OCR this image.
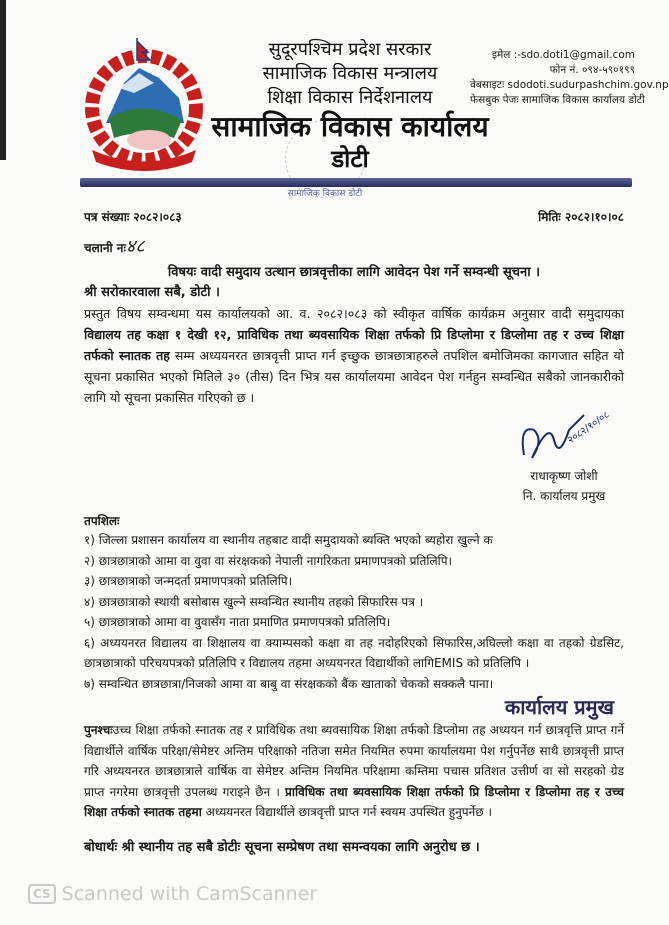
सुदूरपश्चिम प्रदेश सरकार
सामाजिक विकास मन्त्रालय
शिक्षा विकास निर्देशनालय
सामाजिक विकास कार्यालय
डोटी
इमेल :-sdo.doti1@gmail.com
फोन नं. ०९४-५९०१९९
वेबसाइटः sdodoti.sudurpashchim.gov.np
फेसबुक पेजः सामाजिक विकास कार्यालय डोटी
सामाजिक विकास डोटी
पत्र संख्याः २०८२।०८३	मितिः २०८२।१०।०८
चलानी नः४८
विषयः वादी समुदाय उत्थान छात्रवृत्तीका लागि आवेदन पेश गर्ने सम्वन्धी सूचना ।
श्री सरोकारवाला सबै, डोटी ।
प्रस्तुत विषय सम्वन्धमा यस कार्यालयको आ. व. २०८२।०८३ को स्वीकृत वार्षिक कार्यक्रम अनुसार वादी समुदायका विद्यालय तह कक्षा १ देखी १२, प्राविधिक तथा ब्यवसायिक शिक्षा तर्फको प्रि डिप्लोमा र डिप्लोमा तह र उच्च शिक्षा तर्फको स्नातक तह सम्म अध्ययनरत छात्रवृत्ती प्राप्त गर्न इच्छुक छात्रछात्राहरुले तपशिल बमोजिमका कागजात सहित यो सूचना प्रकासित भएको मितिले ३० (तीस) दिन भित्र यस कार्यालयमा आवेदन पेश गर्नहुन सम्वन्धित सबैको जानकारीको लागि यो सूचना प्रकासित गरिएको छ ।
२०८२/१०/०८
राधाकृष्ण जोशी
नि. कार्यालय प्रमुख
तपशिलः
१) जिल्ला प्रशासन कार्यालय वा स्थानीय तहबाट वादी समुदायको ब्यक्ति भएको ब्यहोरा खुल्ने क
२) छात्रछात्राको आमा वा वुवा वा संरक्षकको नेपाली नागरिकता प्रमाणपत्रको प्रतिलिपि।
३) छात्रछात्राको जन्मदर्ता प्रमाणपत्रको प्रतिलिपि।
४) छात्रछात्राको स्थायी बसोबास खुल्ने सम्वन्धित स्थानीय तहको सिफारिस पत्र ।
५) छात्रछात्राको आमा वा वुवासँग नाता प्रमाणित प्रमाणपत्रको प्रतिलिपि।
६) अध्ययनरत विद्यालय वा शिक्षालय वा क्याम्पसको कक्षा वा तह नदोहरिएको सिफारिस,अघिल्लो कक्षा वा तहको ग्रेडसिट, छात्रछात्राको परिचयपत्रको प्रतिलिपि र विद्यालय तहमा अध्ययनरत विद्यार्थीको लागिEMIS को प्रतिलिपि ।
७) सम्वन्धित छात्रछात्रा/निजको आमा वा बाबु वा संरक्षकको बैंक खाताको चेकको सक्कलै पाना।
कार्यालय प्रमुख
पुनश्चःउच्च शिक्षा तर्फको स्नातक तह र प्राविधिक तथा ब्यवसायिक शिक्षा तर्फको डिप्लोमा तह अध्ययन गर्न छात्रवृत्ति प्राप्त गर्ने विद्यार्थीले वार्षिक परिक्षा/सेमेष्टर अन्तिम परिक्षाको नतिजा समेत नियमित रुपमा कार्यालयमा पेश गर्नुपर्नेछ साथै छात्रवृत्ती प्राप्त गरि अध्ययनरत छात्रछात्राले वार्षिक वा सेमेष्टर अन्तिम नियमित परिक्षामा कम्तिमा पचास प्रतिशत उत्तीर्ण वा सो सरहको ग्रेड प्राप्त नगरेमा छात्रवृत्ती उपलब्ध गराइने छैन । प्राविधिक तथा ब्यवसायिक शिक्षा तर्फको प्रि डिप्लोमा र डिप्लोमा तह र उच्च शिक्षा तर्फको स्नातक तहमा अध्ययनरत विद्यार्थीले छात्रवृत्ती प्राप्त गर्न स्वयम उपस्थित हुनुपर्नेछ ।
बोधार्थः श्री स्थानीय तह सबै डोटीः सूचना सम्प्रेषण तथा समन्वयका लागि अनुरोध छ ।
CS Scanned with CamScanner
